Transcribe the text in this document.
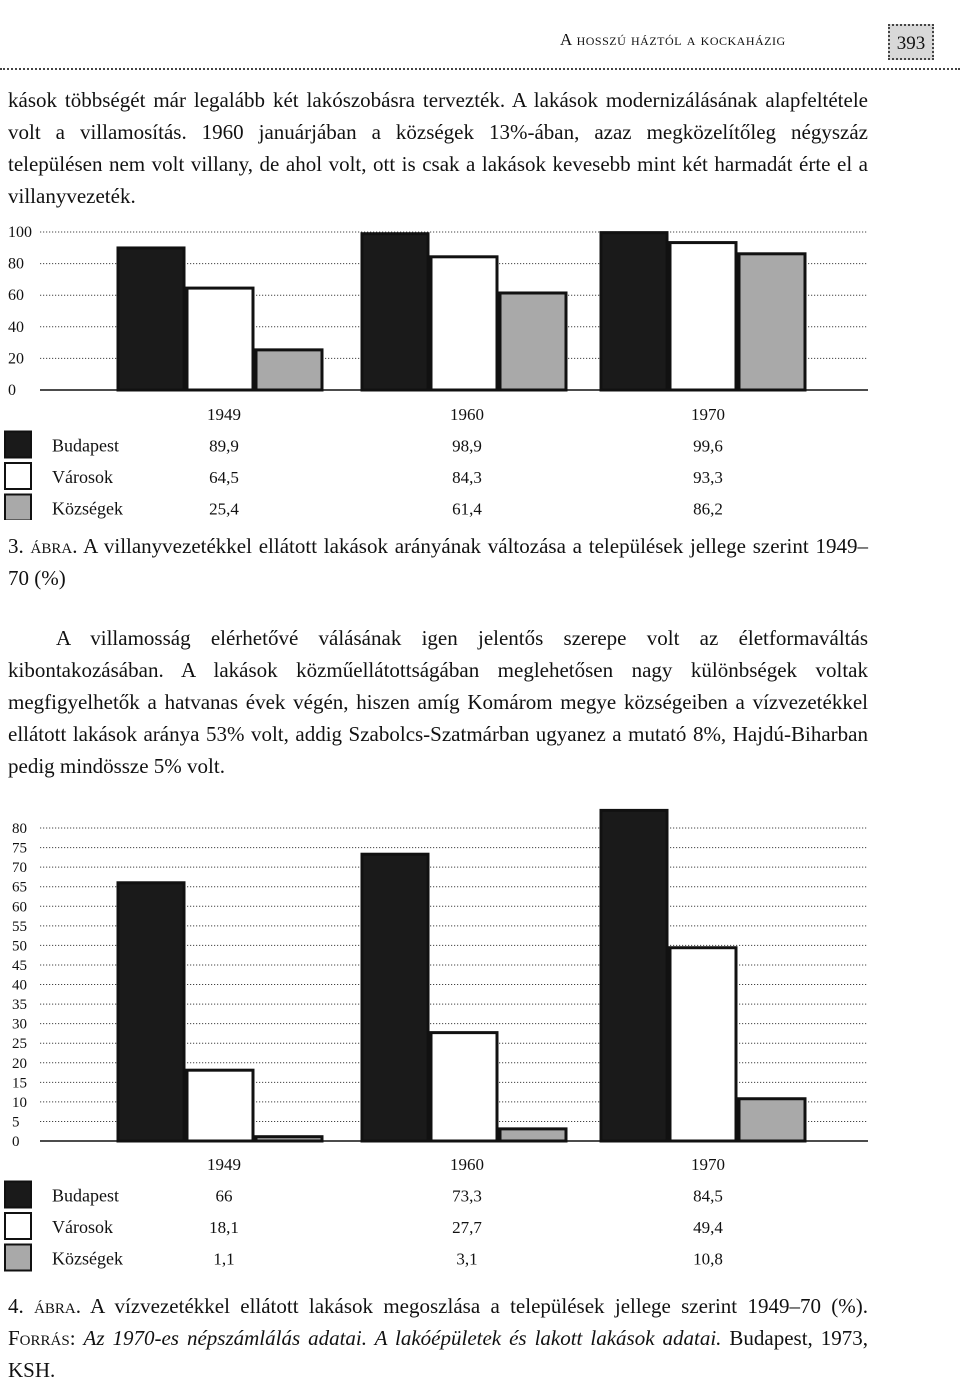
A hosszú háztól a kockaházig	393
kások többségét már legalább két lakószobásra tervezték. A lakások modernizálásának alapfeltétele volt a villamosítás. 1960 januárjában a községek 13%-ában, azaz megközelítőleg négyszáz településen nem volt villany, de ahol volt, ott is csak a lakások kevesebb mint két harmadát érte el a villanyvezeték.
0
20
40
60
80
100
1949	1960	1970
Budapest	89,9	98,9	99,6
Városok	64,5	84,3	93,3
Községek	25,4	61,4	86,2
3. ábra. A villanyvezetékkel ellátott lakások arányának változása a települések jellege szerint 1949–70 (%)
A villamosság elérhetővé válásának igen jelentős szerepe volt az életformaváltás kibontakozásában. A lakások közműellátottságában meglehetősen nagy különbségek voltak megfigyelhetők a hatvanas évek végén, hiszen amíg Komárom megye községeiben a vízvezetékkel ellátott lakások aránya 53% volt, addig Szabolcs-Szatmárban ugyanez a mutató 8%, Hajdú-Biharban pedig mindössze 5% volt.
0
5
10
15
20
25
30
35
40
45
50
55
60
65
70
75
80
1949	1960	1970
Budapest	66	73,3	84,5
Városok	18,1	27,7	49,4
Községek	1,1	3,1	10,8
4. ábra. A vízvezetékkel ellátott lakások megoszlása a települések jellege szerint 1949–70 (%). Forrás: Az 1970-es népszámlálás adatai. A lakóépületek és lakott lakások adatai. Budapest, 1973, KSH.
